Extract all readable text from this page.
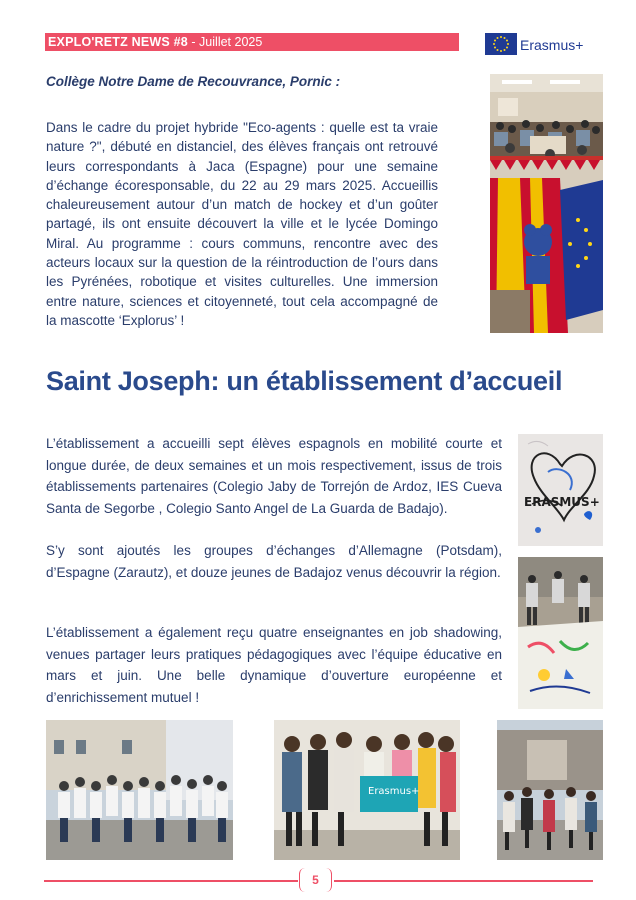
EXPLO'RETZ NEWS #8 - Juillet 2025	Erasmus+
Collège Notre Dame de Recouvrance, Pornic :
Dans le cadre du projet hybride "Eco-agents : quelle est ta vraie nature ?", débuté en distanciel, des élèves français ont retrouvé leurs correspondants à Jaca (Espagne) pour une semaine d’échange écoresponsable, du 22 au 29 mars 2025. Accueillis chaleureusement autour d’un match de hockey et d’un goûter partagé, ils ont ensuite découvert la ville et le lycée Domingo Miral. Au programme : cours communs, rencontre avec des acteurs locaux sur la question de la réintroduction de l’ours dans les Pyrénées, robotique et visites culturelles. Une immersion entre nature, sciences et citoyenneté, tout cela accompagné de la mascotte ‘Explorus’ !
Saint Joseph: un établissement d’accueil
L’établissement a accueilli sept élèves espagnols en mobilité courte et longue durée, de deux semaines et un mois respectivement, issus de trois établissements partenaires (Colegio Jaby de Torrejón de Ardoz, IES Cueva Santa de Segorbe , Colegio Santo Angel de La Guarda de Badajo).
S’y sont ajoutés les groupes d’échanges d’Allemagne (Potsdam), d’Espagne (Zarautz), et douze jeunes de Badajoz venus découvrir la région.
L’établissement a également reçu quatre enseignantes en job shadowing, venues partager leurs pratiques pédagogiques avec l’équipe éducative en mars et juin. Une belle dynamique d’ouverture européenne et d’enrichissement mutuel !
ERASMUS+
Erasmus+
5
